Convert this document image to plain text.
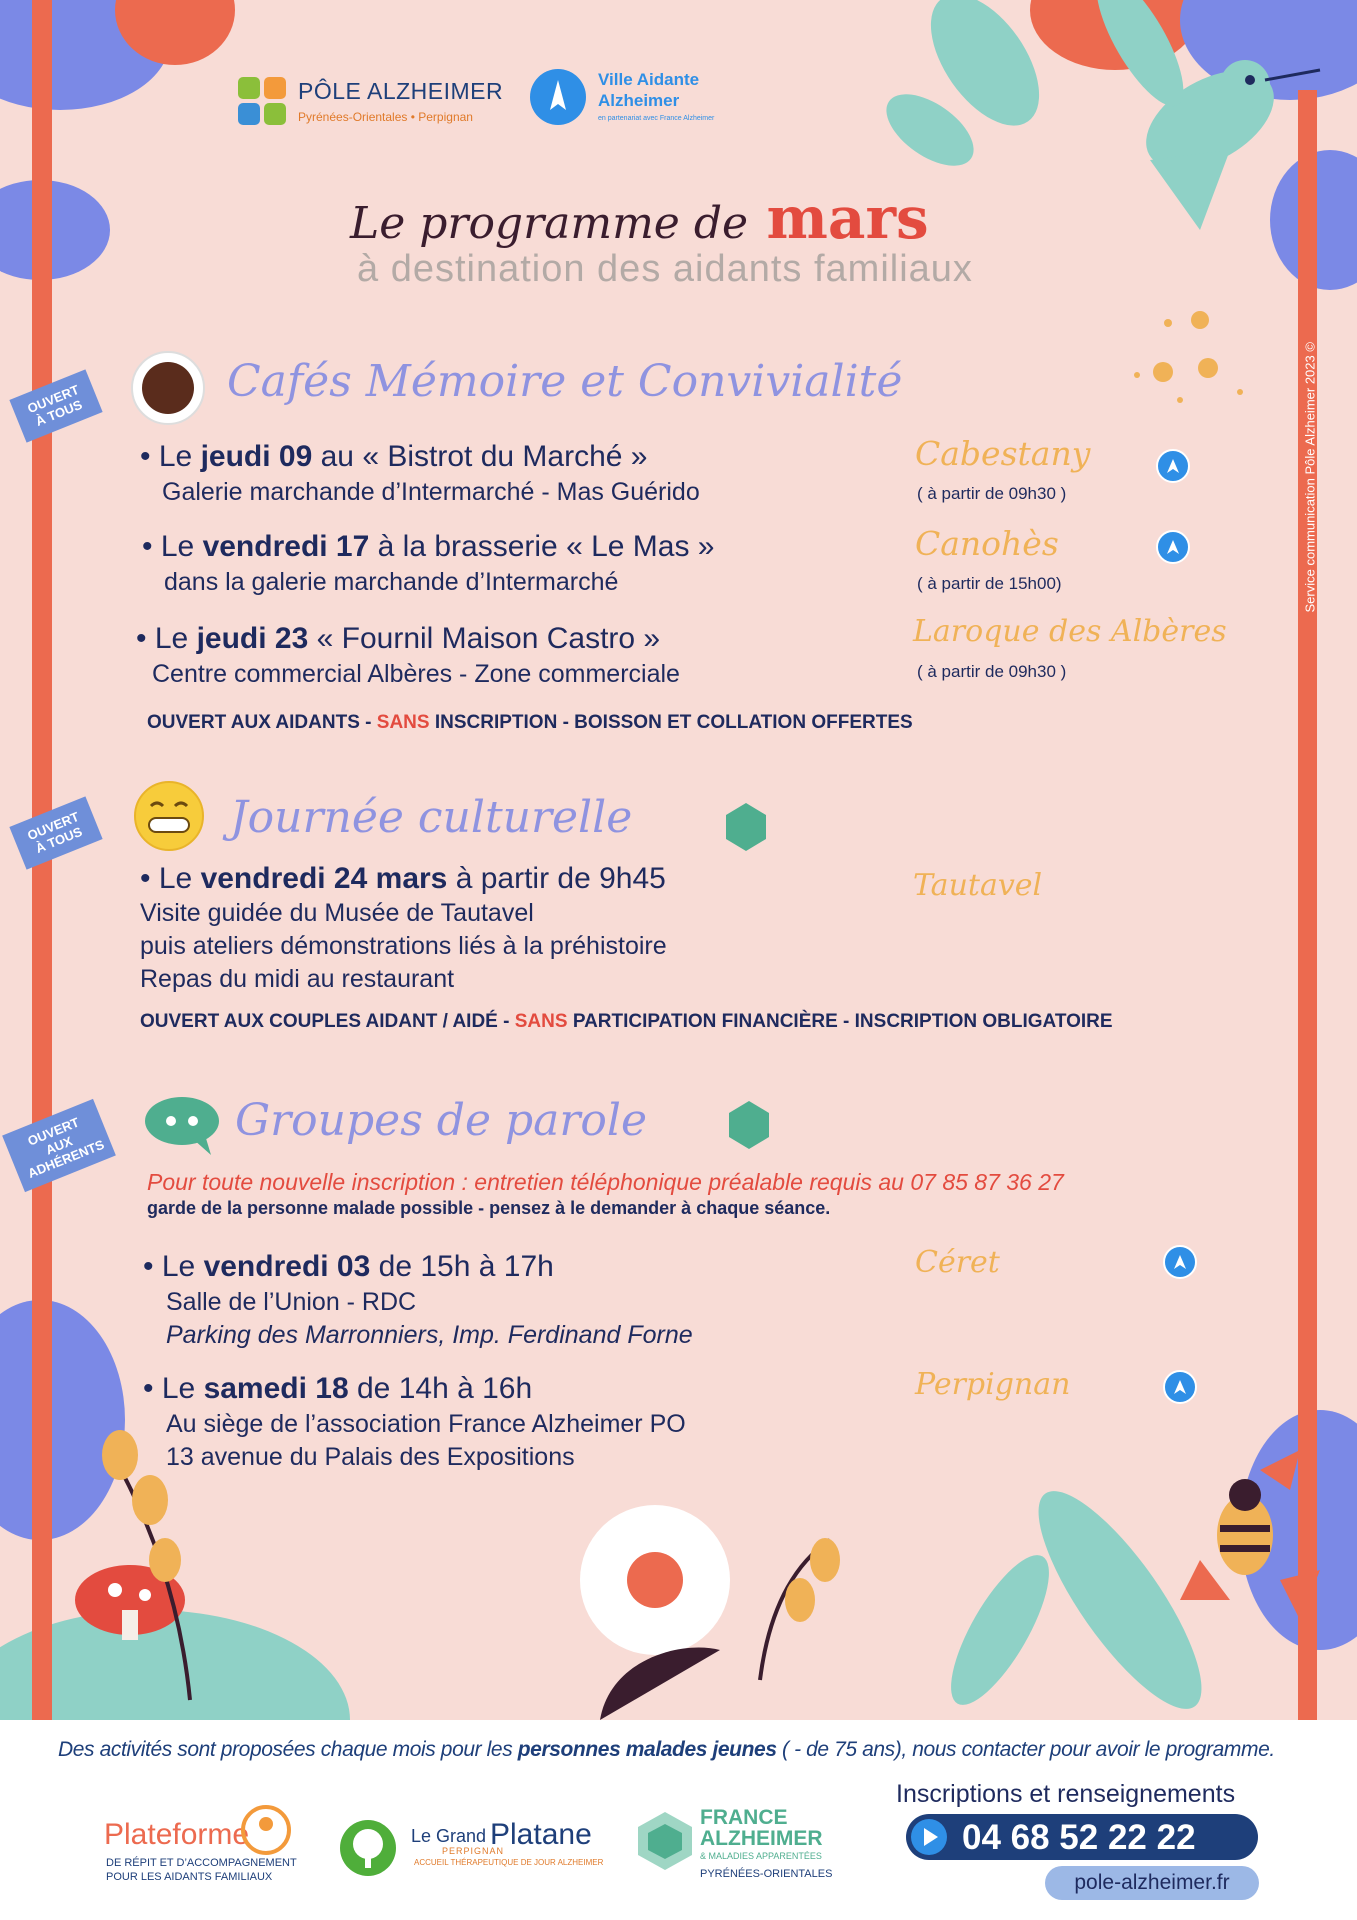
Service communication Pôle Alzheimer 2023 ©
PÔLE ALZHEIMER
Pyrénées-Orientales • Perpignan
Ville Aidante
Alzheimer
en partenariat avec France Alzheimer
Le programme de mars
à destination des aidants familiaux
OUVERT À TOUS
Cafés Mémoire et Convivialité
• Le jeudi 09 au « Bistrot du Marché »
Galerie marchande d’Intermarché - Mas Guérido
Cabestany
( à partir de 09h30 )
• Le vendredi 17 à la brasserie « Le Mas »
dans la galerie marchande d’Intermarché
Canohès
( à partir de 15h00)
• Le jeudi 23 « Fournil Maison Castro »
Centre commercial Albères - Zone commerciale
Laroque des Albères
( à partir de 09h30 )
OUVERT AUX AIDANTS - SANS INSCRIPTION - BOISSON ET COLLATION OFFERTES
OUVERT À TOUS	Journée culturelle
• Le vendredi 24 mars à partir de 9h45
Visite guidée du Musée de Tautavel
puis ateliers démonstrations liés à la préhistoire
Repas du midi au restaurant
Tautavel
OUVERT AUX COUPLES AIDANT / AIDÉ - SANS PARTICIPATION FINANCIÈRE - INSCRIPTION OBLIGATOIRE
OUVERT AUX ADHÉRENTS
Groupes de parole
Pour toute nouvelle inscription : entretien téléphonique préalable requis au 07 85 87 36 27
garde de la personne malade possible - pensez à le demander à chaque séance.
• Le vendredi 03 de 15h à 17h
Salle de l’Union - RDC
Parking des Marronniers, Imp. Ferdinand Forne
Céret
• Le samedi 18 de 14h à 16h
Au siège de l’association France Alzheimer PO
13 avenue du Palais des Expositions
Perpignan
Des activités sont proposées chaque mois pour les personnes malades jeunes ( - de 75 ans), nous contacter pour avoir le programme.
Plateforme
DE RÉPIT ET D’ACCOMPAGNEMENT
POUR LES AIDANTS FAMILIAUX
Le Grand Platane
PERPIGNAN
ACCUEIL THÉRAPEUTIQUE DE JOUR ALZHEIMER
FRANCE
ALZHEIMER
& MALADIES APPARENTÉES
PYRÉNÉES-ORIENTALES
Inscriptions et renseignements
04 68 52 22 22
pole-alzheimer.fr
